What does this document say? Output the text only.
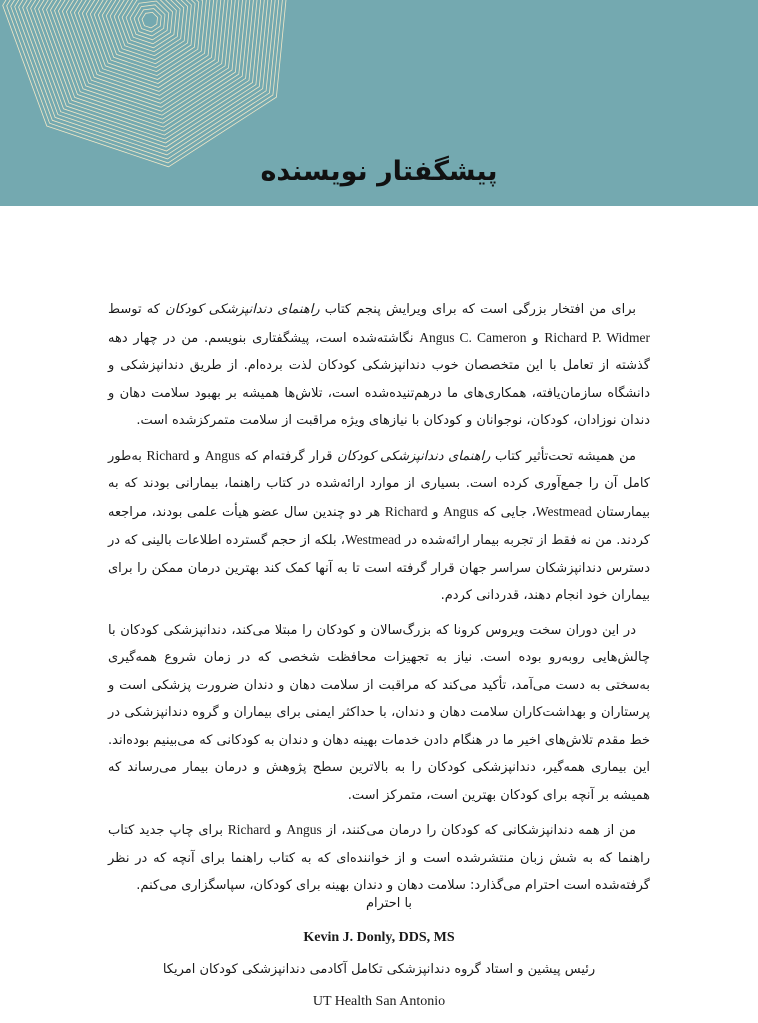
پیشگفتار نویسنده

برای من افتخار بزرگی است که برای ویرایش پنجم کتاب راهنمای دندانپزشکی کودکان که توسط Richard P. Widmer و Angus C. Cameron نگاشته‌شده است، پیشگفتاری بنویسم. من در چهار دهه گذشته از تعامل با این متخصصان خوب دندانپزشکی کودکان لذت برده‌ام. از طریق دندانپزشکی و دانشگاه سازمان‌یافته، همکاری‌های ما درهم‌تنیده‌شده است، تلاش‌ها همیشه بر بهبود سلامت دهان و دندان نوزادان، کودکان، نوجوانان و کودکان با نیازهای ویژه مراقبت از سلامت متمرکزشده است.

من همیشه تحت‌تأثیر کتاب راهنمای دندانپزشکی کودکان قرار گرفته‌ام که Angus و Richard به‌طور کامل آن را جمع‌آوری کرده است. بسیاری از موارد ارائه‌شده در کتاب راهنما، بیمارانی بودند که به بیمارستان Westmead، جایی که Angus و Richard هر دو چندین سال عضو هیأت علمی بودند، مراجعه کردند. من نه فقط از تجربه بیمار ارائه‌شده در Westmead، بلکه از حجم گسترده اطلاعات بالینی که در دسترس دندانپزشکان سراسر جهان قرار گرفته است تا به آنها کمک کند بهترین درمان ممکن را برای بیماران خود انجام دهند، قدردانی کردم.

در این دوران سخت ویروس کرونا که بزرگ‌سالان و کودکان را مبتلا می‌کند، دندانپزشکی کودکان با چالش‌هایی روبه‌رو بوده است. نیاز به تجهیزات محافظت شخصی که در زمان شروع همه‌گیری به‌سختی به دست می‌آمد، تأکید می‌کند که مراقبت از سلامت دهان و دندان ضرورت پزشکی است و پرستاران و بهداشت‌کاران سلامت دهان و دندان، با حداکثر ایمنی برای بیماران و گروه دندانپزشکی در خط مقدم تلاش‌های اخیر ما در هنگام دادن خدمات بهینه دهان و دندان به کودکانی که می‌بینیم بوده‌اند. این بیماری همه‌گیر، دندانپزشکی کودکان را به بالاترین سطح پژوهش و درمان بیمار می‌رساند که همیشه بر آنچه برای کودکان بهترین است، متمرکز است.

من از همه دندانپزشکانی که کودکان را درمان می‌کنند، از Angus و Richard برای چاپ جدید کتاب راهنما که به شش زبان منتشرشده است و از خواننده‌ای که به کتاب راهنما برای آنچه که در نظر گرفته‌شده است احترام می‌گذارد: سلامت دهان و دندان بهینه برای کودکان، سپاسگزاری می‌کنم.

با احترام
Kevin J. Donly, DDS, MS
رئیس پیشین و استاد گروه دندانپزشکی تکامل آکادمی دندانپزشکی کودکان امریکا
UT Health San Antonio
